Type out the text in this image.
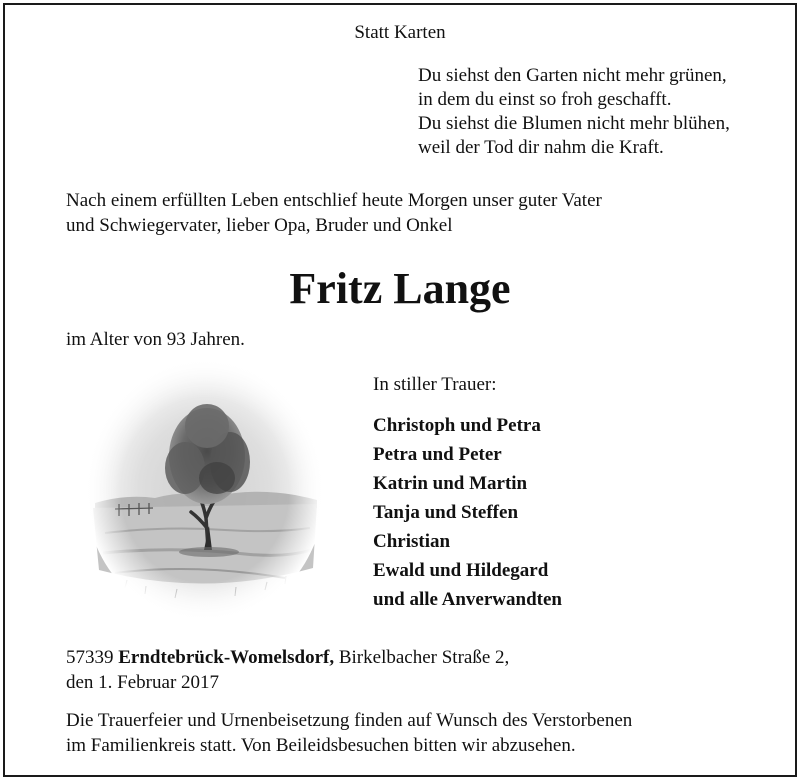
Statt Karten
Du siehst den Garten nicht mehr grünen,
in dem du einst so froh geschafft.
Du siehst die Blumen nicht mehr blühen,
weil der Tod dir nahm die Kraft.
Nach einem erfüllten Leben entschlief heute Morgen unser guter Vater
und Schwiegervater, lieber Opa, Bruder und Onkel
Fritz Lange
im Alter von 93 Jahren.
In stiller Trauer:
Christoph und Petra
Petra und Peter
Katrin und Martin
Tanja und Steffen
Christian
Ewald und Hildegard
und alle Anverwandten
57339 Erndtebrück-Womelsdorf, Birkelbacher Straße 2,
den 1. Februar 2017
Die Trauerfeier und Urnenbeisetzung finden auf Wunsch des Verstorbenen
im Familienkreis statt. Von Beileidsbesuchen bitten wir abzusehen.
